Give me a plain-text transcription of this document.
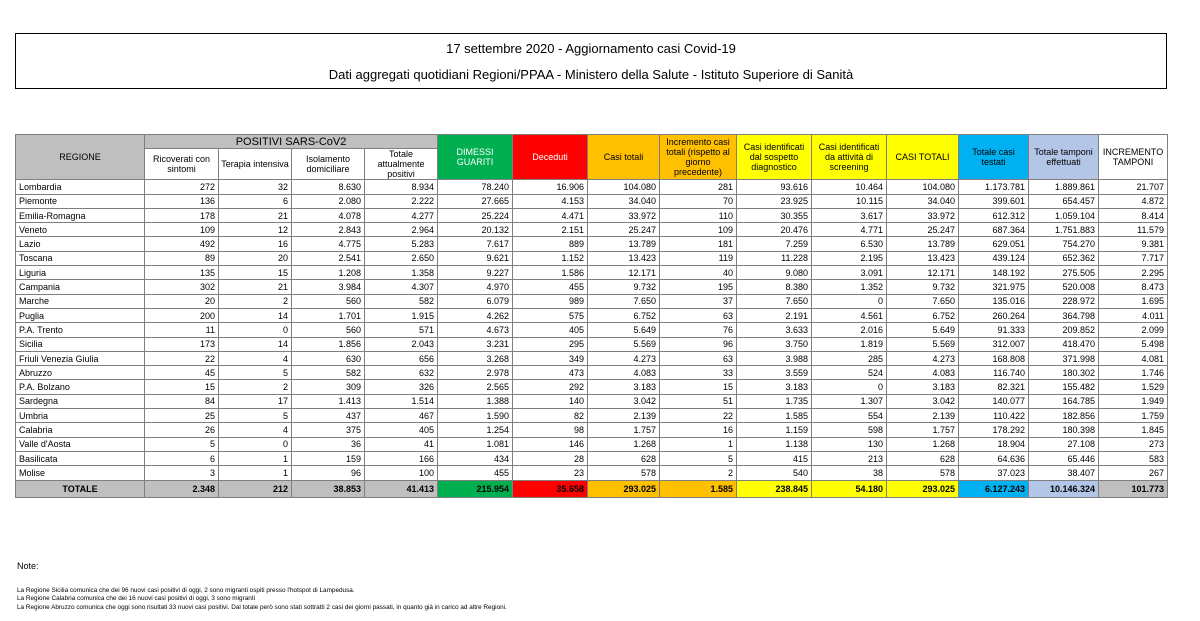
17 settembre 2020 - Aggiornamento casi Covid-19
Dati aggregati quotidiani Regioni/PPAA - Ministero della Salute - Istituto Superiore di Sanità
REGIONE	POSITIVI SARS-CoV2				DIMESSI GUARITI	Deceduti	Casi totali	Incremento casi totali (rispetto al giorno precedente)	Casi identificati dal sospetto diagnostico	Casi identificati da attività di screening	CASI TOTALI	Totale casi testati	Totale tamponi effettuati	INCREMENTO TAMPONI
	Ricoverati con sintomi	Terapia intensiva	Isolamento domiciliare	Totale attualmente positivi										
Lombardia	272	32	8.630	8.934	78.240	16.906	104.080	281	93.616	10.464	104.080	1.173.781	1.889.861	21.707
Piemonte	136	6	2.080	2.222	27.665	4.153	34.040	70	23.925	10.115	34.040	399.601	654.457	4.872
Emilia-Romagna	178	21	4.078	4.277	25.224	4.471	33.972	110	30.355	3.617	33.972	612.312	1.059.104	8.414
Veneto	109	12	2.843	2.964	20.132	2.151	25.247	109	20.476	4.771	25.247	687.364	1.751.883	11.579
Lazio	492	16	4.775	5.283	7.617	889	13.789	181	7.259	6.530	13.789	629.051	754.270	9.381
Toscana	89	20	2.541	2.650	9.621	1.152	13.423	119	11.228	2.195	13.423	439.124	652.362	7.717
Liguria	135	15	1.208	1.358	9.227	1.586	12.171	40	9.080	3.091	12.171	148.192	275.505	2.295
Campania	302	21	3.984	4.307	4.970	455	9.732	195	8.380	1.352	9.732	321.975	520.008	8.473
Marche	20	2	560	582	6.079	989	7.650	37	7.650	0	7.650	135.016	228.972	1.695
Puglia	200	14	1.701	1.915	4.262	575	6.752	63	2.191	4.561	6.752	260.264	364.798	4.011
P.A. Trento	11	0	560	571	4.673	405	5.649	76	3.633	2.016	5.649	91.333	209.852	2.099
Sicilia	173	14	1.856	2.043	3.231	295	5.569	96	3.750	1.819	5.569	312.007	418.470	5.498
Friuli Venezia Giulia	22	4	630	656	3.268	349	4.273	63	3.988	285	4.273	168.808	371.998	4.081
Abruzzo	45	5	582	632	2.978	473	4.083	33	3.559	524	4.083	116.740	180.302	1.746
P.A. Bolzano	15	2	309	326	2.565	292	3.183	15	3.183	0	3.183	82.321	155.482	1.529
Sardegna	84	17	1.413	1.514	1.388	140	3.042	51	1.735	1.307	3.042	140.077	164.785	1.949
Umbria	25	5	437	467	1.590	82	2.139	22	1.585	554	2.139	110.422	182.856	1.759
Calabria	26	4	375	405	1.254	98	1.757	16	1.159	598	1.757	178.292	180.398	1.845
Valle d'Aosta	5	0	36	41	1.081	146	1.268	1	1.138	130	1.268	18.904	27.108	273
Basilicata	6	1	159	166	434	28	628	5	415	213	628	64.636	65.446	583
Molise	3	1	96	100	455	23	578	2	540	38	578	37.023	38.407	267
TOTALE	2.348	212	38.853	41.413	215.954	35.658	293.025	1.585	238.845	54.180	293.025	6.127.243	10.146.324	101.773
Note:
La Regione Sicilia comunica che dei 96 nuovi casi positivi di oggi, 2 sono migranti ospiti presso l'hotspot di Lampedusa.
La Regione Calabria comunica che dei 16 nuovi casi positivi di oggi, 3 sono migranti
La Regione Abruzzo comunica che oggi sono risultati 33 nuovi casi positivi. Dal totale però sono stati sottratti 2 casi dei giorni passati, in quanto già in carico ad altre Regioni.
